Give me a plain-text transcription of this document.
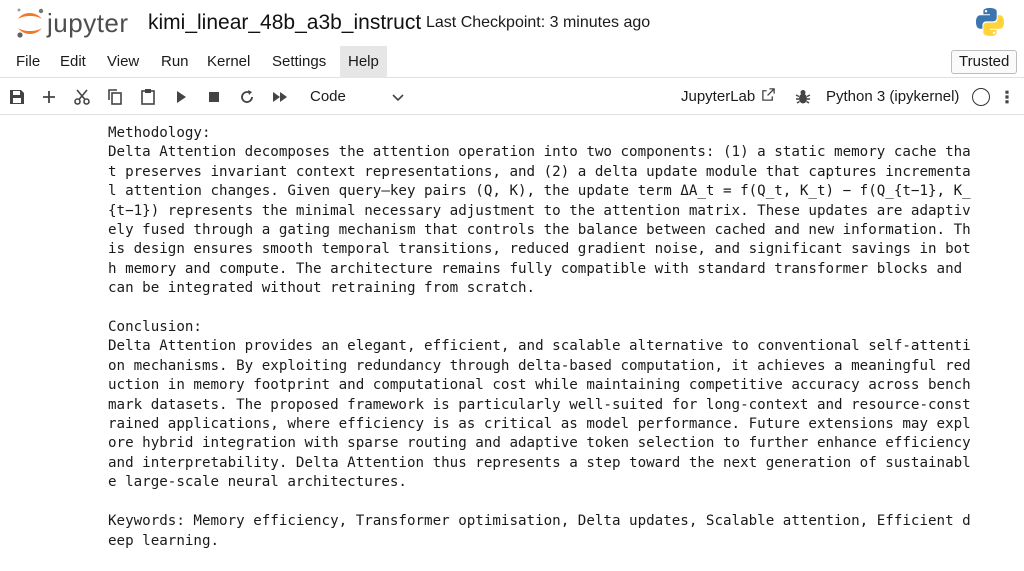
jupyter kimi_linear_48b_a3b_instruct Last Checkpoint: 3 minutes ago
File	Edit	View	Run	Kernel	Settings	Help	Trusted
Code	JupyterLab	Python 3 (ipykernel)

Methodology:

Delta Attention decomposes the attention operation into two components: (1) a static memory cache tha

t preserves invariant context representations, and (2) a delta update module that captures incrementa

l attention changes. Given query–key pairs (Q, K), the update term ΔA_t = f(Q_t, K_t) − f(Q_{t−1}, K_

{t−1}) represents the minimal necessary adjustment to the attention matrix. These updates are adaptiv

ely fused through a gating mechanism that controls the balance between cached and new information. Th

is design ensures smooth temporal transitions, reduced gradient noise, and significant savings in bot

h memory and compute. The architecture remains fully compatible with standard transformer blocks and

can be integrated without retraining from scratch.

Conclusion:

Delta Attention provides an elegant, efficient, and scalable alternative to conventional self-attenti

on mechanisms. By exploiting redundancy through delta-based computation, it achieves a meaningful red

uction in memory footprint and computational cost while maintaining competitive accuracy across bench

mark datasets. The proposed framework is particularly well-suited for long-context and resource-const

rained applications, where efficiency is as critical as model performance. Future extensions may expl

ore hybrid integration with sparse routing and adaptive token selection to further enhance efficiency

and interpretability. Delta Attention thus represents a step toward the next generation of sustainabl

e large-scale neural architectures.

Keywords: Memory efficiency, Transformer optimisation, Delta updates, Scalable attention, Efficient d

eep learning.
